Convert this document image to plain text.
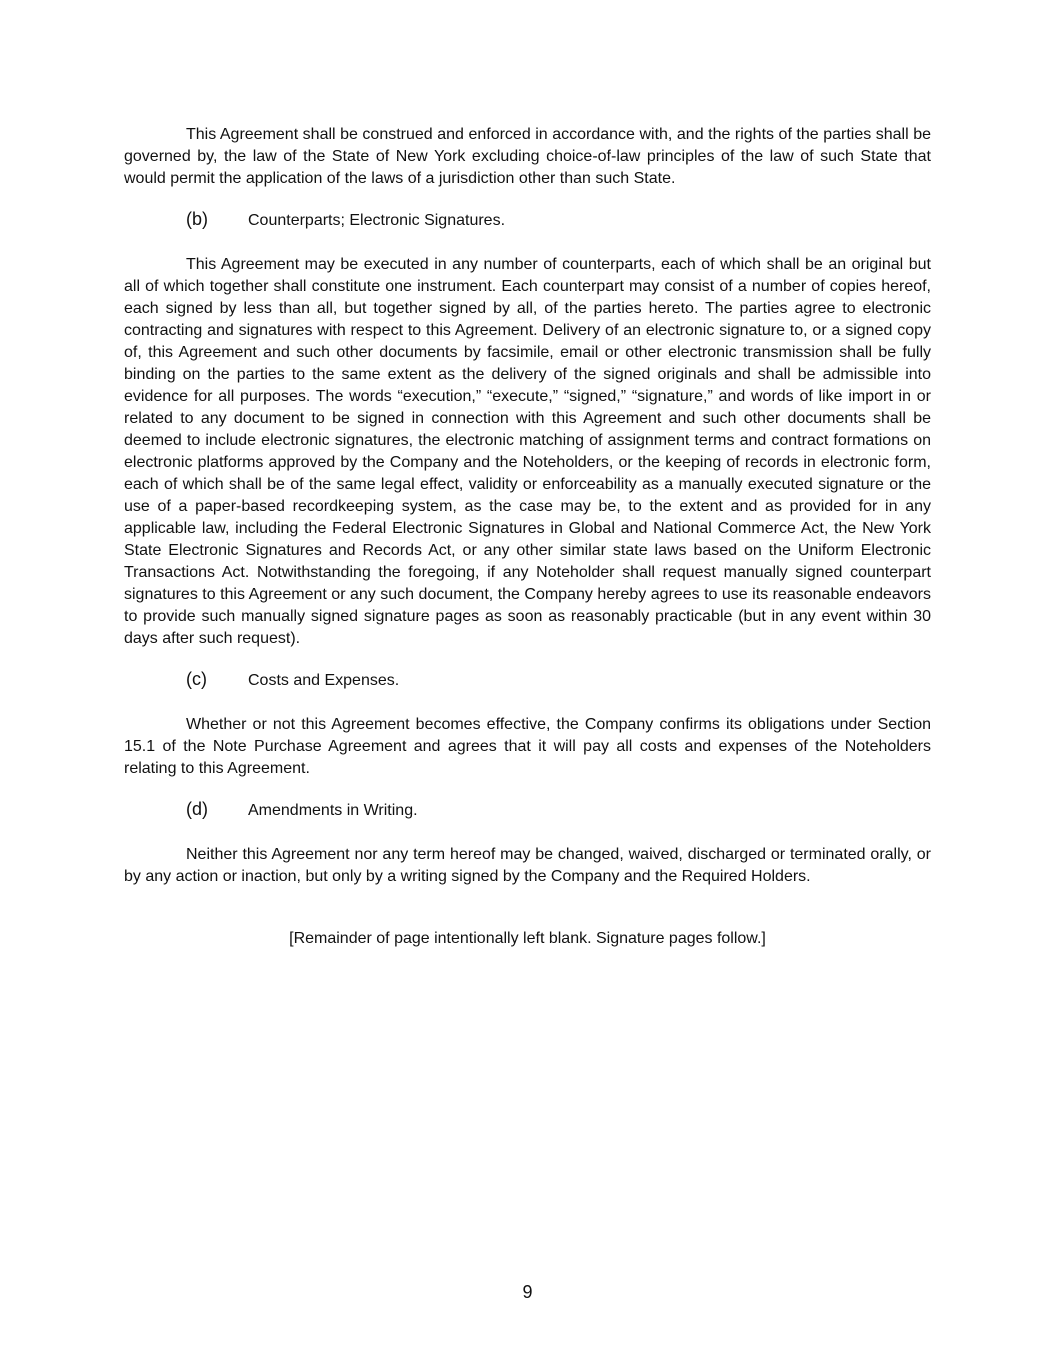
This Agreement shall be construed and enforced in accordance with, and the rights of the parties shall be governed by, the law of the State of New York excluding choice-of-law principles of the law of such State that would permit the application of the laws of a jurisdiction other than such State.

(b)	Counterparts; Electronic Signatures.

This Agreement may be executed in any number of counterparts, each of which shall be an original but all of which together shall constitute one instrument. Each counterpart may consist of a number of copies hereof, each signed by less than all, but together signed by all, of the parties hereto. The parties agree to electronic contracting and signatures with respect to this Agreement. Delivery of an electronic signature to, or a signed copy of, this Agreement and such other documents by facsimile, email or other electronic transmission shall be fully binding on the parties to the same extent as the delivery of the signed originals and shall be admissible into evidence for all purposes. The words “execution,” “execute,” “signed,” “signature,” and words of like import in or related to any document to be signed in connection with this Agreement and such other documents shall be deemed to include electronic signatures, the electronic matching of assignment terms and contract formations on electronic platforms approved by the Company and the Noteholders, or the keeping of records in electronic form, each of which shall be of the same legal effect, validity or enforceability as a manually executed signature or the use of a paper-based recordkeeping system, as the case may be, to the extent and as provided for in any applicable law, including the Federal Electronic Signatures in Global and National Commerce Act, the New York State Electronic Signatures and Records Act, or any other similar state laws based on the Uniform Electronic Transactions Act. Notwithstanding the foregoing, if any Noteholder shall request manually signed counterpart signatures to this Agreement or any such document, the Company hereby agrees to use its reasonable endeavors to provide such manually signed signature pages as soon as reasonably practicable (but in any event within 30 days after such request).

(c)	Costs and Expenses.

Whether or not this Agreement becomes effective, the Company confirms its obligations under Section 15.1 of the Note Purchase Agreement and agrees that it will pay all costs and expenses of the Noteholders relating to this Agreement.

(d)	Amendments in Writing.

Neither this Agreement nor any term hereof may be changed, waived, discharged or terminated orally, or by any action or inaction, but only by a writing signed by the Company and the Required Holders.

[Remainder of page intentionally left blank. Signature pages follow.]
9
